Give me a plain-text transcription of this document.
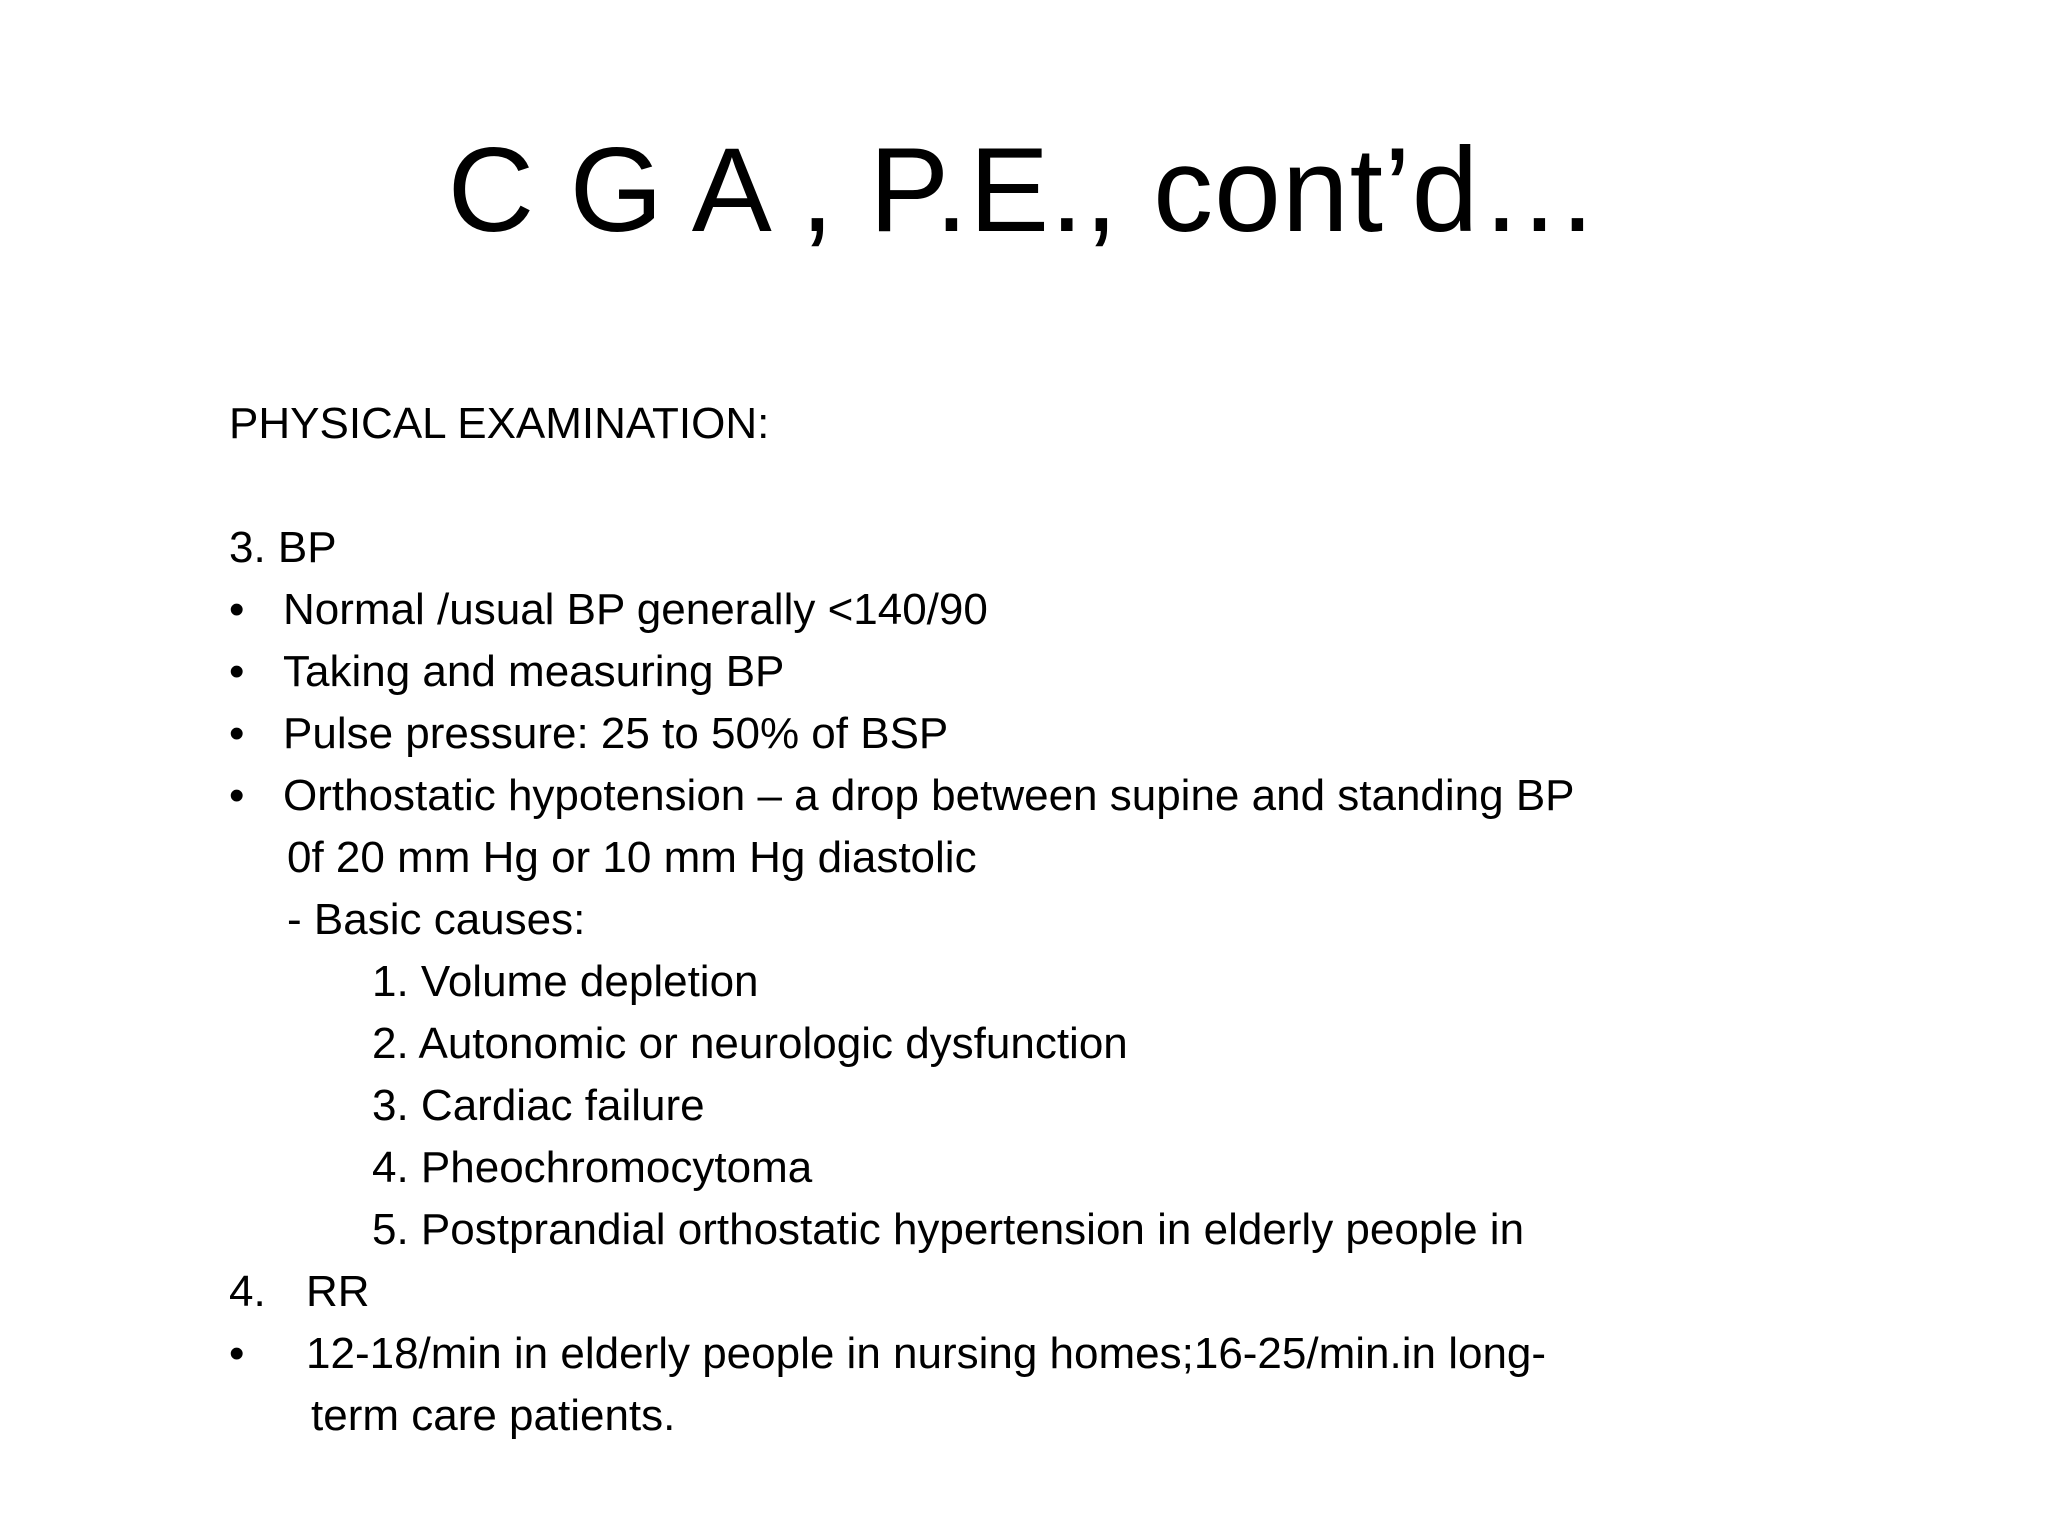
C G A , P.E., cont’d…
PHYSICAL EXAMINATION:
3. BP
• Normal /usual BP generally <140/90
• Taking and measuring BP
• Pulse pressure: 25 to 50% of BSP
• Orthostatic hypotension – a drop between supine and standing BP
0f 20 mm Hg or 10 mm Hg diastolic
- Basic causes:
1. Volume depletion
2. Autonomic or neurologic dysfunction
3. Cardiac failure
4. Pheochromocytoma
5. Postprandial orthostatic hypertension in elderly people in
4. RR
• 12-18/min in elderly people in nursing homes;16-25/min.in long-
term care patients.
